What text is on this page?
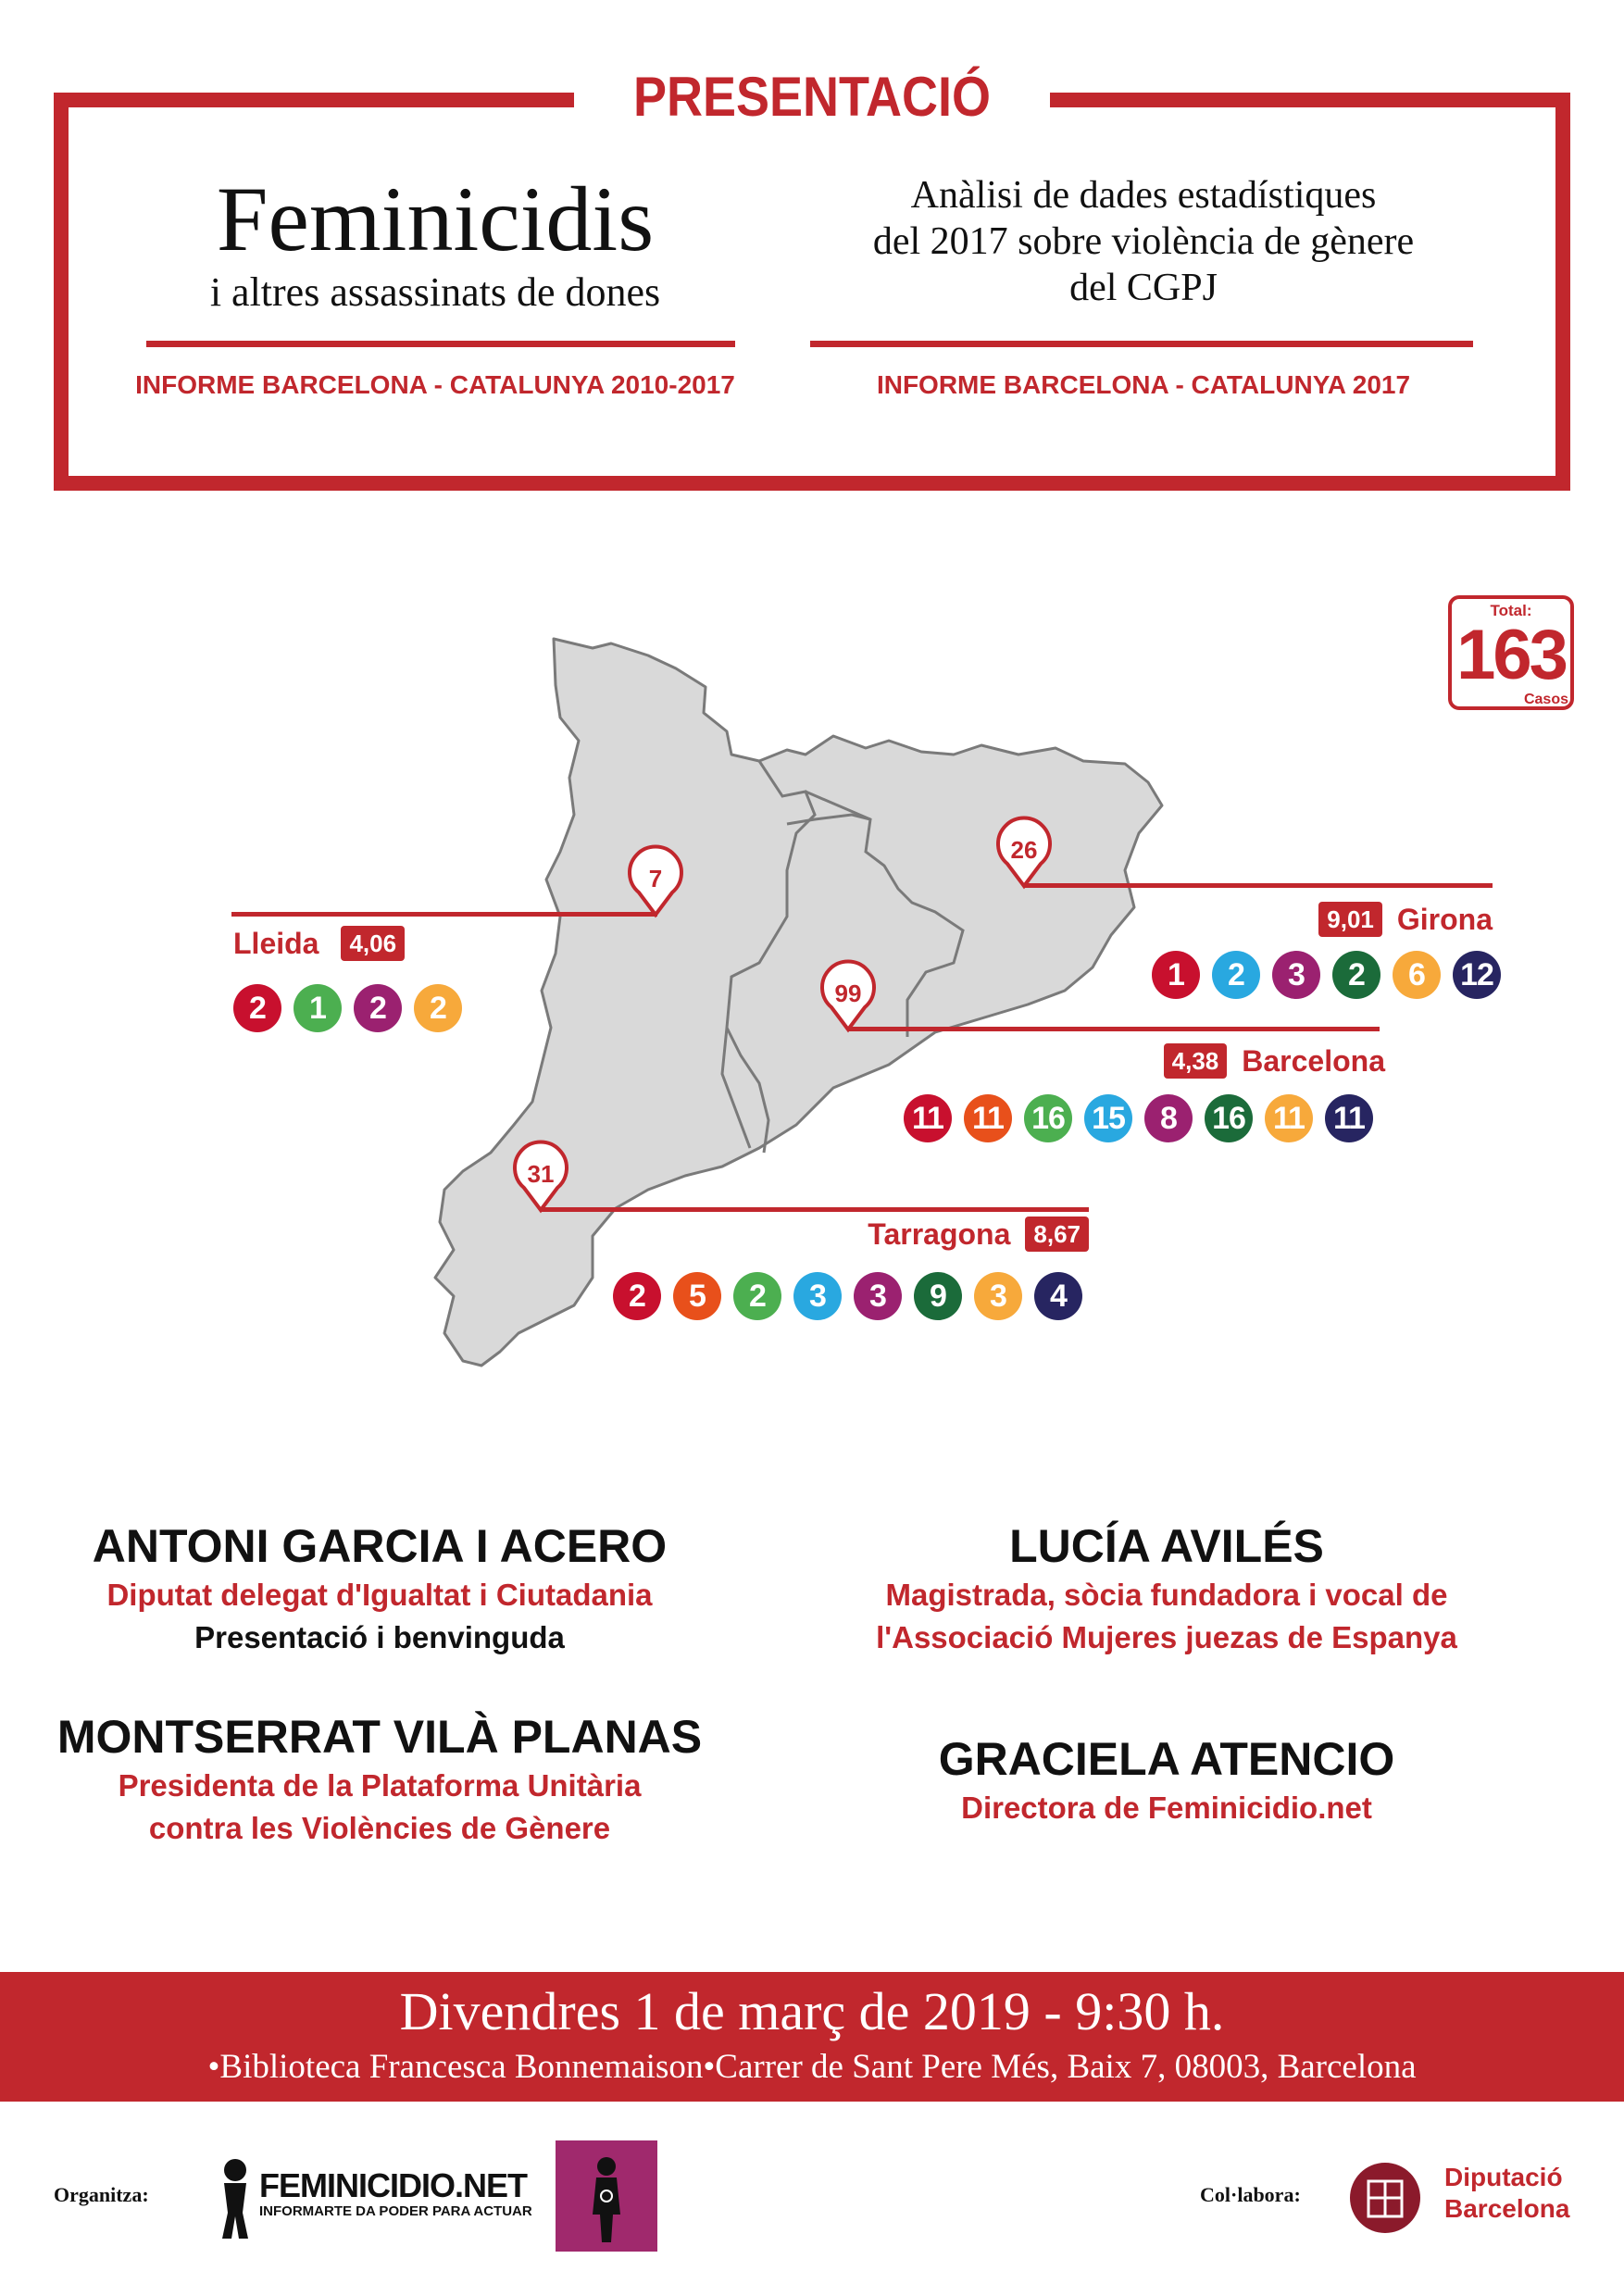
PRESENTACIÓ
Feminicidis
i altres assassinats de dones
INFORME BARCELONA - CATALUNYA 2010-2017
Anàlisi de dades estadístiques
del 2017 sobre violència de gènere
del CGPJ
INFORME BARCELONA - CATALUNYA 2017
7
26
99
31
Total:
163
Casos
Lleida	4,06
2	1	2	2
9,01 Girona
1	2	3	2	6	12
4,38 Barcelona
11 11 16 15	8	16 11 11
Tarragona 8,67
2	5	2	3	3	9	3	4
ANTONI GARCIA I ACERO
Diputat delegat d'Igualtat i Ciutadania
Presentació i benvinguda
LUCÍA AVILÉS
Magistrada, sòcia fundadora i vocal de
l'Associació Mujeres juezas de Espanya
MONTSERRAT VILÀ PLANAS
Presidenta de la Plataforma Unitària
contra les Violències de Gènere
GRACIELA ATENCIO
Directora de Feminicidio.net
Divendres 1 de març de 2019 - 9:30 h.
•Biblioteca Francesca Bonnemaison•Carrer de Sant Pere Més, Baix 7, 08003, Barcelona
Organitza:	FEMINICIDIO.NET
INFORMARTE DA PODER PARA ACTUAR
Col·labora:
Diputació
Barcelona
